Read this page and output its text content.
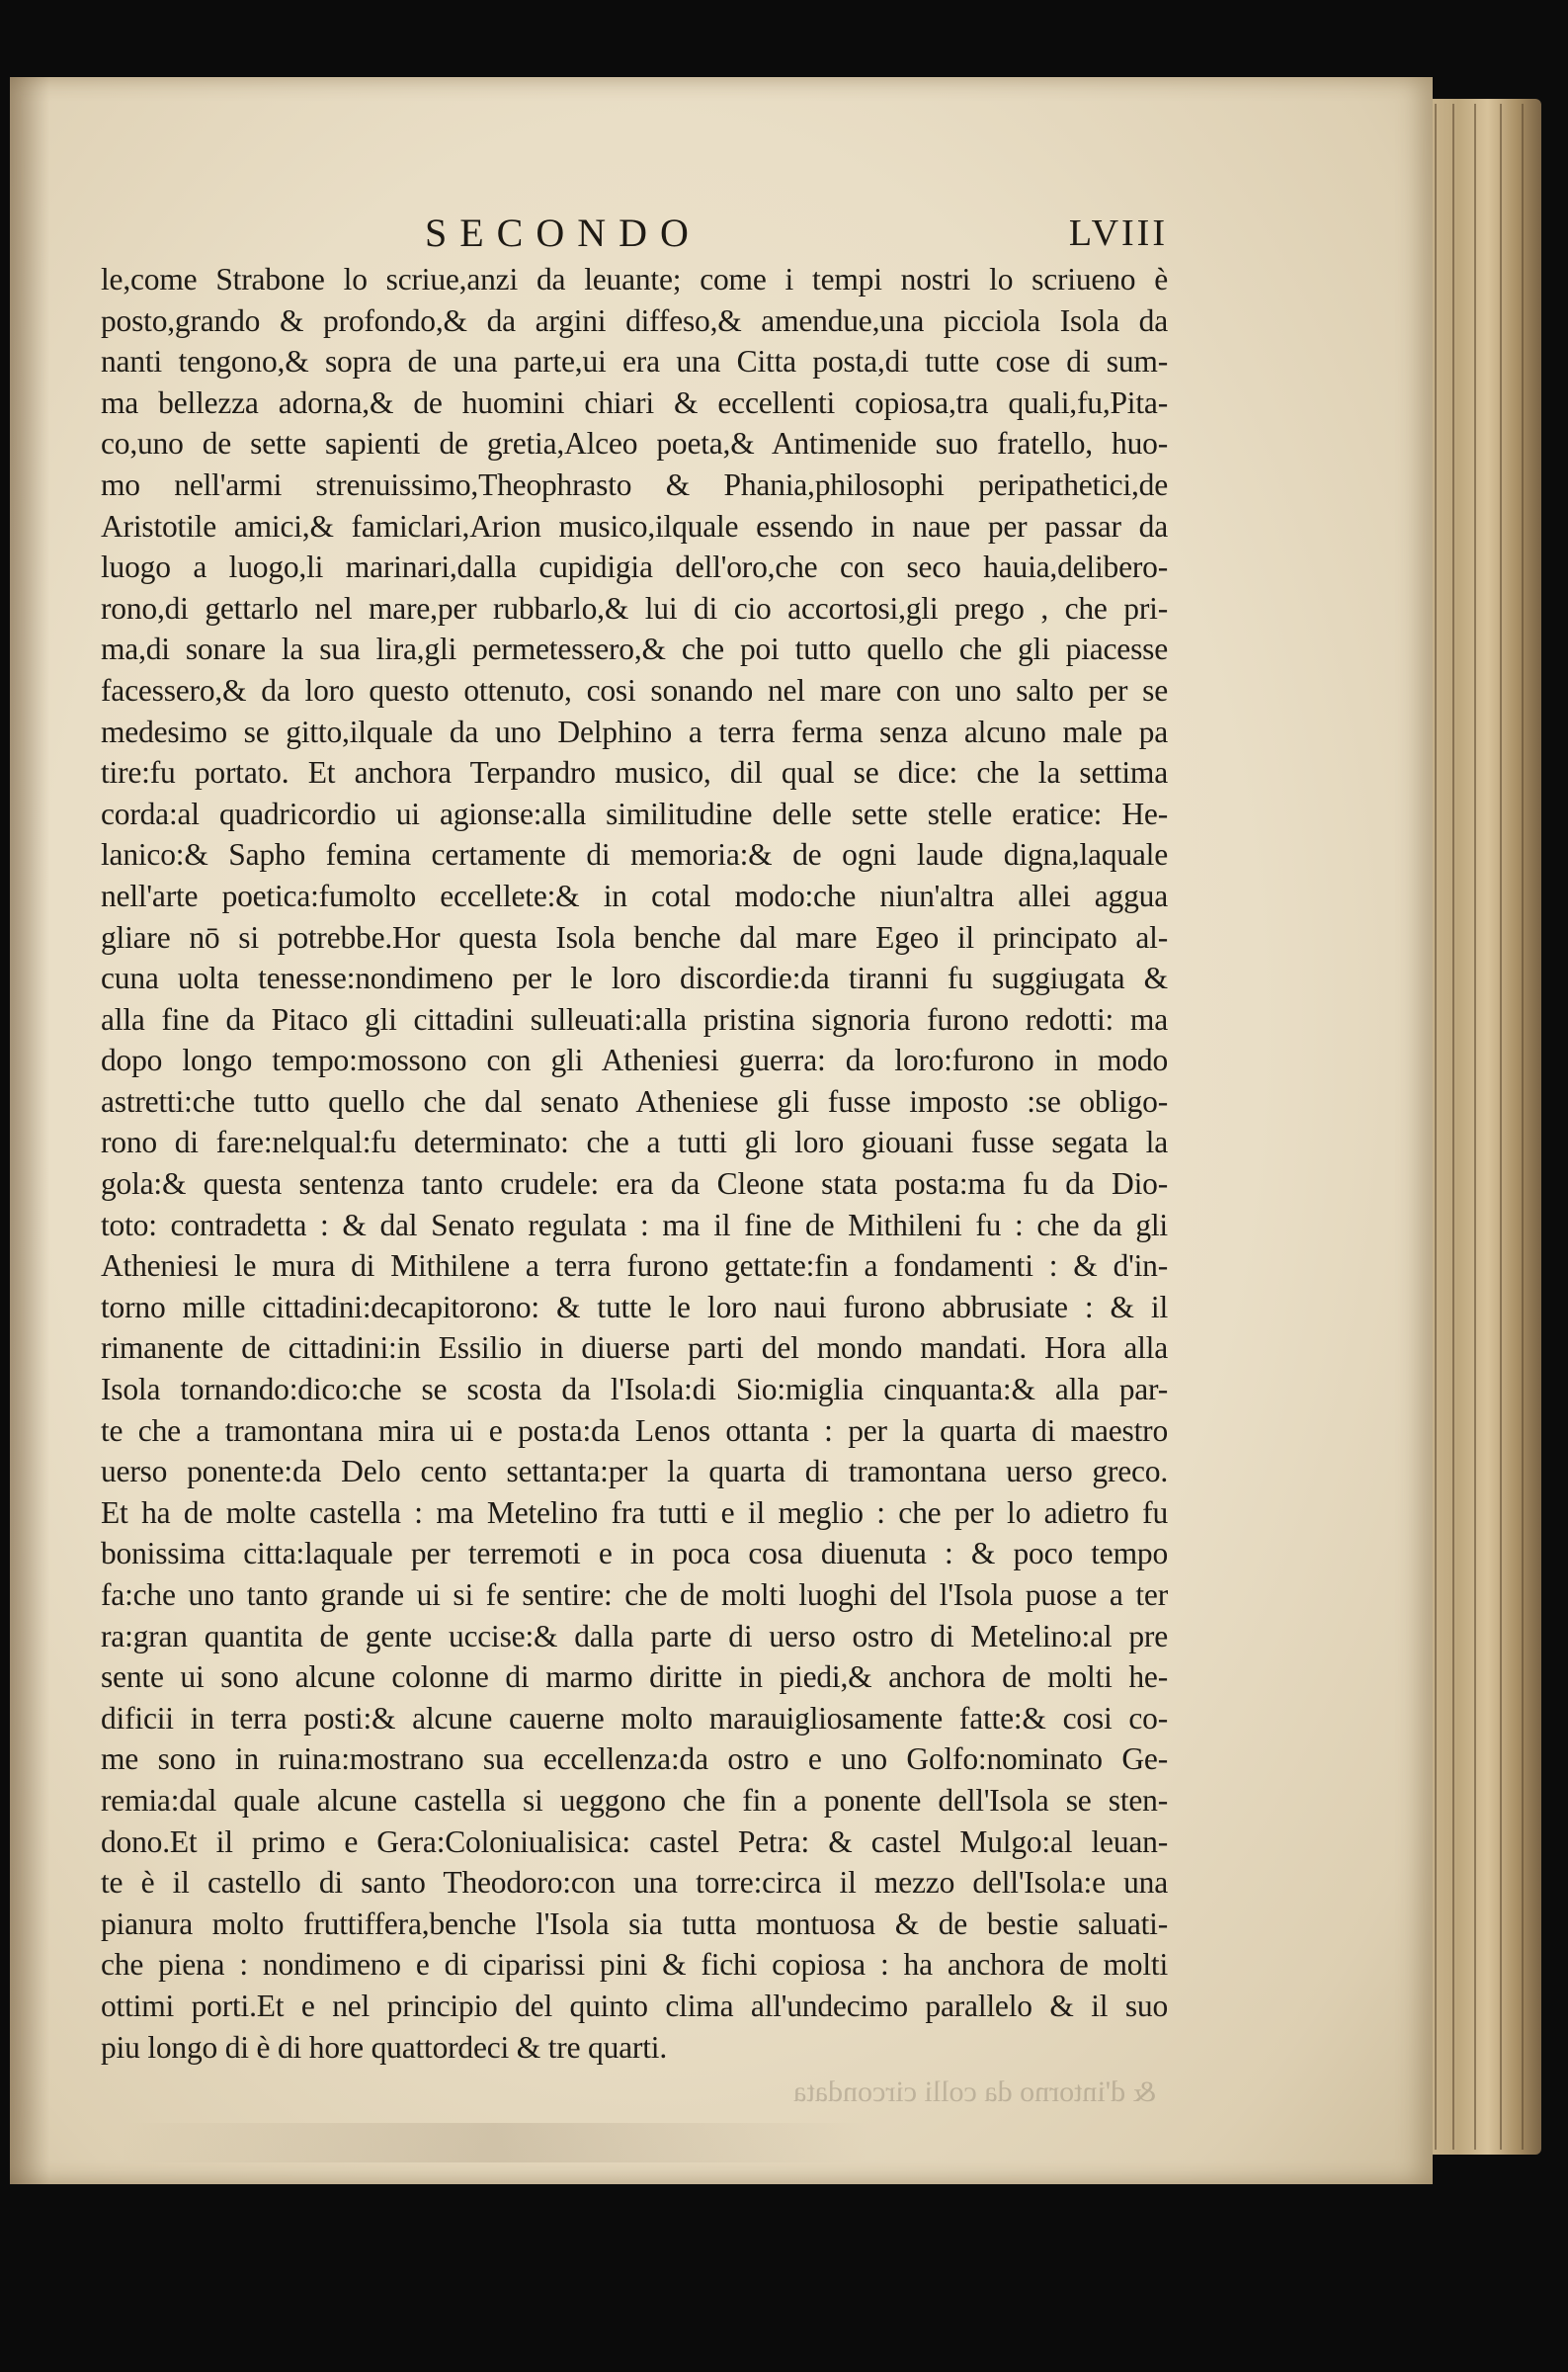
SECONDO	LVIII
le,come Strabone lo scriue,anzi da leuante; come i tempi nostri lo scriueno è
posto,grando & profondo,& da argini diffeso,& amendue,una picciola Isola da
nanti tengono,& sopra de una parte,ui era una Citta posta,di tutte cose di sum-
ma bellezza adorna,& de huomini chiari & eccellenti copiosa,tra quali,fu,Pita-
co,uno de sette sapienti de gretia,Alceo poeta,& Antimenide suo fratello, huo-
mo nell'armi strenuissimo,Theophrasto & Phania,philosophi peripathetici,de
Aristotile amici,& famiclari,Arion musico,ilquale essendo in naue per passar da
luogo a luogo,li marinari,dalla cupidigia dell'oro,che con seco hauia,delibero-
rono,di gettarlo nel mare,per rubbarlo,& lui di cio accortosi,gli prego , che pri-
ma,di sonare la sua lira,gli permetessero,& che poi tutto quello che gli piacesse
facessero,& da loro questo ottenuto, cosi sonando nel mare con uno salto per se
medesimo se gitto,ilquale da uno Delphino a terra ferma senza alcuno male pa
tire:fu portato. Et anchora Terpandro musico, dil qual se dice: che la settima
corda:al quadricordio ui agionse:alla similitudine delle sette stelle eratice: He-
lanico:& Sapho femina certamente di memoria:& de ogni laude digna,laquale
nell'arte poetica:fumolto eccellete:& in cotal modo:che niun'altra allei aggua
gliare nō si potrebbe.Hor questa Isola benche dal mare Egeo il principato al-
cuna uolta tenesse:nondimeno per le loro discordie:da tiranni fu suggiugata &
alla fine da Pitaco gli cittadini sulleuati:alla pristina signoria furono redotti: ma
dopo longo tempo:mossono con gli Atheniesi guerra: da loro:furono in modo
astretti:che tutto quello che dal senato Atheniese gli fusse imposto :se obligo-
rono di fare:nelqual:fu determinato: che a tutti gli loro giouani fusse segata la
gola:& questa sentenza tanto crudele: era da Cleone stata posta:ma fu da Dio-
toto: contradetta : & dal Senato regulata : ma il fine de Mithileni fu : che da gli
Atheniesi le mura di Mithilene a terra furono gettate:fin a fondamenti : & d'in-
torno mille cittadini:decapitorono: & tutte le loro naui furono abbrusiate : & il
rimanente de cittadini:in Essilio in diuerse parti del mondo mandati. Hora alla
Isola tornando:dico:che se scosta da l'Isola:di Sio:miglia cinquanta:& alla par-
te che a tramontana mira ui e posta:da Lenos ottanta : per la quarta di maestro
uerso ponente:da Delo cento settanta:per la quarta di tramontana uerso greco.
Et ha de molte castella : ma Metelino fra tutti e il meglio : che per lo adietro fu
bonissima citta:laquale per terremoti e in poca cosa diuenuta : & poco tempo
fa:che uno tanto grande ui si fe sentire: che de molti luoghi del l'Isola puose a ter
ra:gran quantita de gente uccise:& dalla parte di uerso ostro di Metelino:al pre
sente ui sono alcune colonne di marmo diritte in piedi,& anchora de molti he-
dificii in terra posti:& alcune cauerne molto marauigliosamente fatte:& cosi co-
me sono in ruina:mostrano sua eccellenza:da ostro e uno Golfo:nominato Ge-
remia:dal quale alcune castella si ueggono che fin a ponente dell'Isola se sten-
dono.Et il primo e Gera:Coloniualisica: castel Petra: & castel Mulgo:al leuan-
te è il castello di santo Theodoro:con una torre:circa il mezzo dell'Isola:e una
pianura molto fruttiffera,benche l'Isola sia tutta montuosa & de bestie saluati-
che piena : nondimeno e di ciparissi pini & fichi copiosa : ha anchora de molti
ottimi porti.Et e nel principio del quinto clima all'undecimo parallelo & il suo
piu longo di è di hore quattordeci & tre quarti.
& d'intorno da colli circondata
